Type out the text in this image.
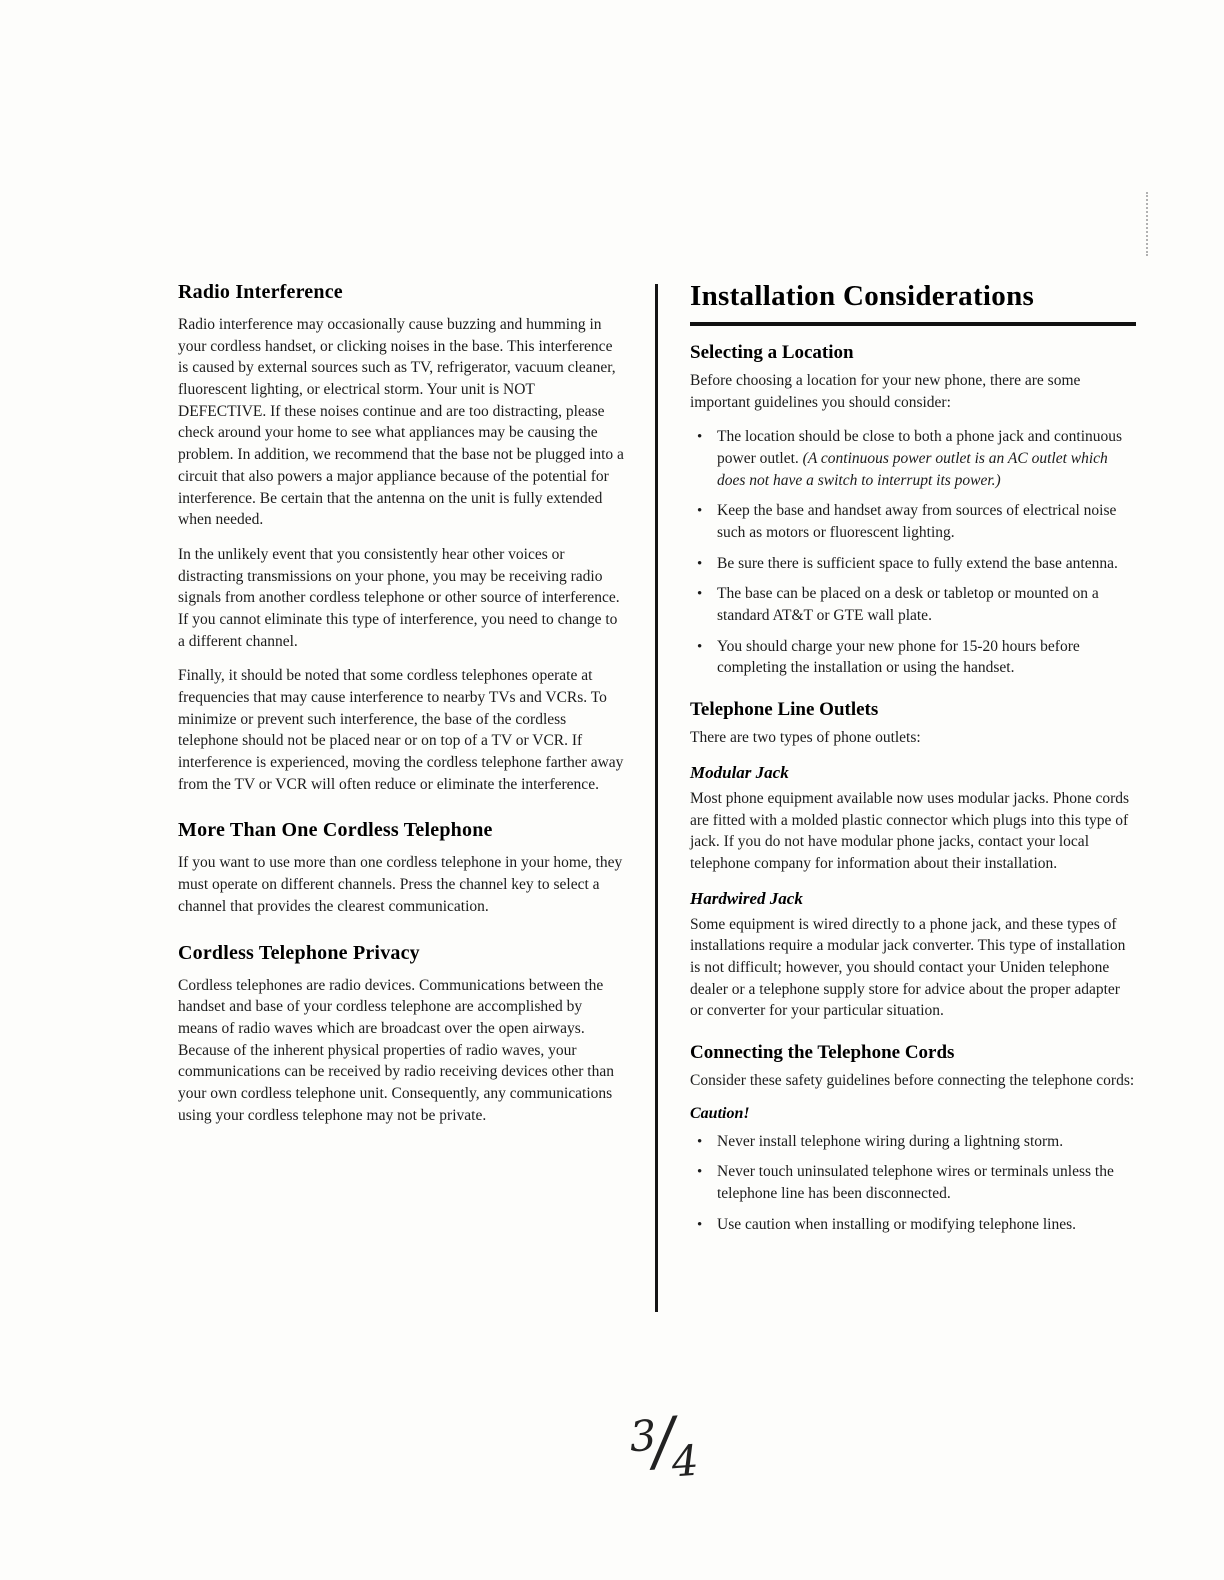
Radio Interference

Radio interference may occasionally cause buzzing and humming in your cordless handset, or clicking noises in the base. This interference is caused by external sources such as TV, refrigerator, vacuum cleaner, fluorescent lighting, or electrical storm. Your unit is NOT DEFECTIVE. If these noises continue and are too distracting, please check around your home to see what appliances may be causing the problem. In addition, we recommend that the base not be plugged into a circuit that also powers a major appliance because of the potential for interference. Be certain that the antenna on the unit is fully extended when needed.

In the unlikely event that you consistently hear other voices or distracting transmissions on your phone, you may be receiving radio signals from another cordless telephone or other source of interference. If you cannot eliminate this type of interference, you need to change to a different channel.

Finally, it should be noted that some cordless telephones operate at frequencies that may cause interference to nearby TVs and VCRs. To minimize or prevent such interference, the base of the cordless telephone should not be placed near or on top of a TV or VCR. If interference is experienced, moving the cordless telephone farther away from the TV or VCR will often reduce or eliminate the interference.

More Than One Cordless Telephone

If you want to use more than one cordless telephone in your home, they must operate on different channels. Press the channel key to select a channel that provides the clearest communication.

Cordless Telephone Privacy

Cordless telephones are radio devices. Communications between the handset and base of your cordless telephone are accomplished by means of radio waves which are broadcast over the open airways. Because of the inherent physical properties of radio waves, your communications can be received by radio receiving devices other than your own cordless telephone unit. Consequently, any communications using your cordless telephone may not be private.

Installation Considerations
Selecting a Location

Before choosing a location for your new phone, there are some important guidelines you should consider:

•
The location should be close to both a phone jack and continuous power outlet. (A continuous power outlet is an AC outlet which does not have a switch to interrupt its power.)
•
Keep the base and handset away from sources of electrical noise such as motors or fluorescent lighting.
•
Be sure there is sufficient space to fully extend the base antenna.
•
The base can be placed on a desk or tabletop or mounted on a standard AT&T or GTE wall plate.
•
You should charge your new phone for 15-20 hours before completing the installation or using the handset.
Telephone Line Outlets

There are two types of phone outlets:

Modular Jack

Most phone equipment available now uses modular jacks. Phone cords are fitted with a molded plastic connector which plugs into this type of jack. If you do not have modular phone jacks, contact your local telephone company for information about their installation.

Hardwired Jack

Some equipment is wired directly to a phone jack, and these types of installations require a modular jack converter. This type of installation is not difficult; however, you should contact your Uniden telephone dealer or a telephone supply store for advice about the proper adapter or converter for your particular situation.

Connecting the Telephone Cords

Consider these safety guidelines before connecting the telephone cords:

Caution!
•
Never install telephone wiring during a lightning storm.
•
Never touch uninsulated telephone wires or terminals unless the telephone line has been disconnected.
•
Use caution when installing or modifying telephone lines.
3/4
